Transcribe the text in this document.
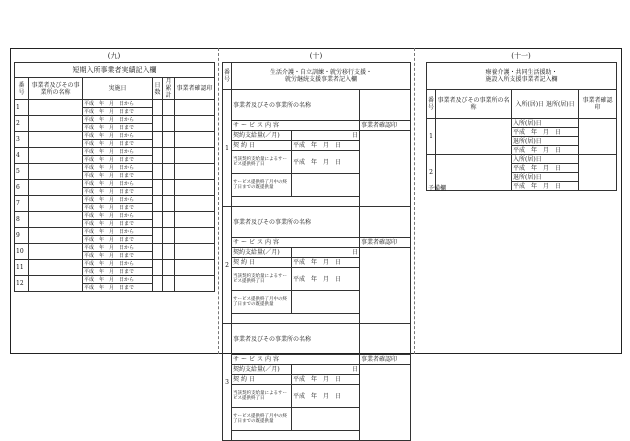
(九)
短期入所事業者実績記入欄					
番号	事業者及びその事業所の名称	実施日	日数	月累計	事業者確認印
1		平成　年　月　日から			
		平成　年　月　日まで			
2		平成　年　月　日から			
		平成　年　月　日まで			
3		平成　年　月　日から			
		平成　年　月　日まで			
4		平成　年　月　日から			
		平成　年　月　日まで			
5		平成　年　月　日から			
		平成　年　月　日まで			
6		平成　年　月　日から			
		平成　年　月　日まで			
7		平成　年　月　日から			
		平成　年　月　日まで			
8		平成　年　月　日から			
		平成　年　月　日まで			
9		平成　年　月　日から			
		平成　年　月　日まで			
10		平成　年　月　日から			
		平成　年　月　日まで			
11		平成　年　月　日から			
		平成　年　月　日まで			
12		平成　年　月　日から			
		平成　年　月　日まで			
(十)
番号	生活介護・自立訓練・就労移行支援・
就労継続支援事業者記入欄		

1	事業者及びその事業所の名称		
	サービス内容		事業者確認印
	契約支給量(／月)	日	
	契約日	平成　年　月　日	
	当該契約支給量によるサービス提供終了日	平成　年　月　日	
	サービス提供終了月中の終了日までの既提供量		

2	事業者及びその事業所の名称		
	サービス内容		事業者確認印
	契約支給量(／月)	日	
	契約日	平成　年　月　日	
	当該契約支給量によるサービス提供終了日	平成　年　月　日	
	サービス提供終了月中の終了日までの既提供量		

3	事業者及びその事業所の名称		
	サービス内容		事業者確認印
	契約支給量(／月)	日	
	契約日	平成　年　月　日	
	当該契約支給量によるサービス提供終了日	平成　年　月　日	
	サービス提供終了月中の終了日までの既提供量		

(十一)
療養介護・共同生活援助・
施設入所支援事業者記入欄			

番号	事業者及びその事業所の名称	入所(居)日 退所(居)日	事業者確認印
1		入所(居)日	
		平成　年　月　日	
		退所(居)日	
		平成　年　月　日	
2		入所(居)日	
		平成　年　月　日	
		退所(居)日	
		平成　年　月　日	
予備欄
